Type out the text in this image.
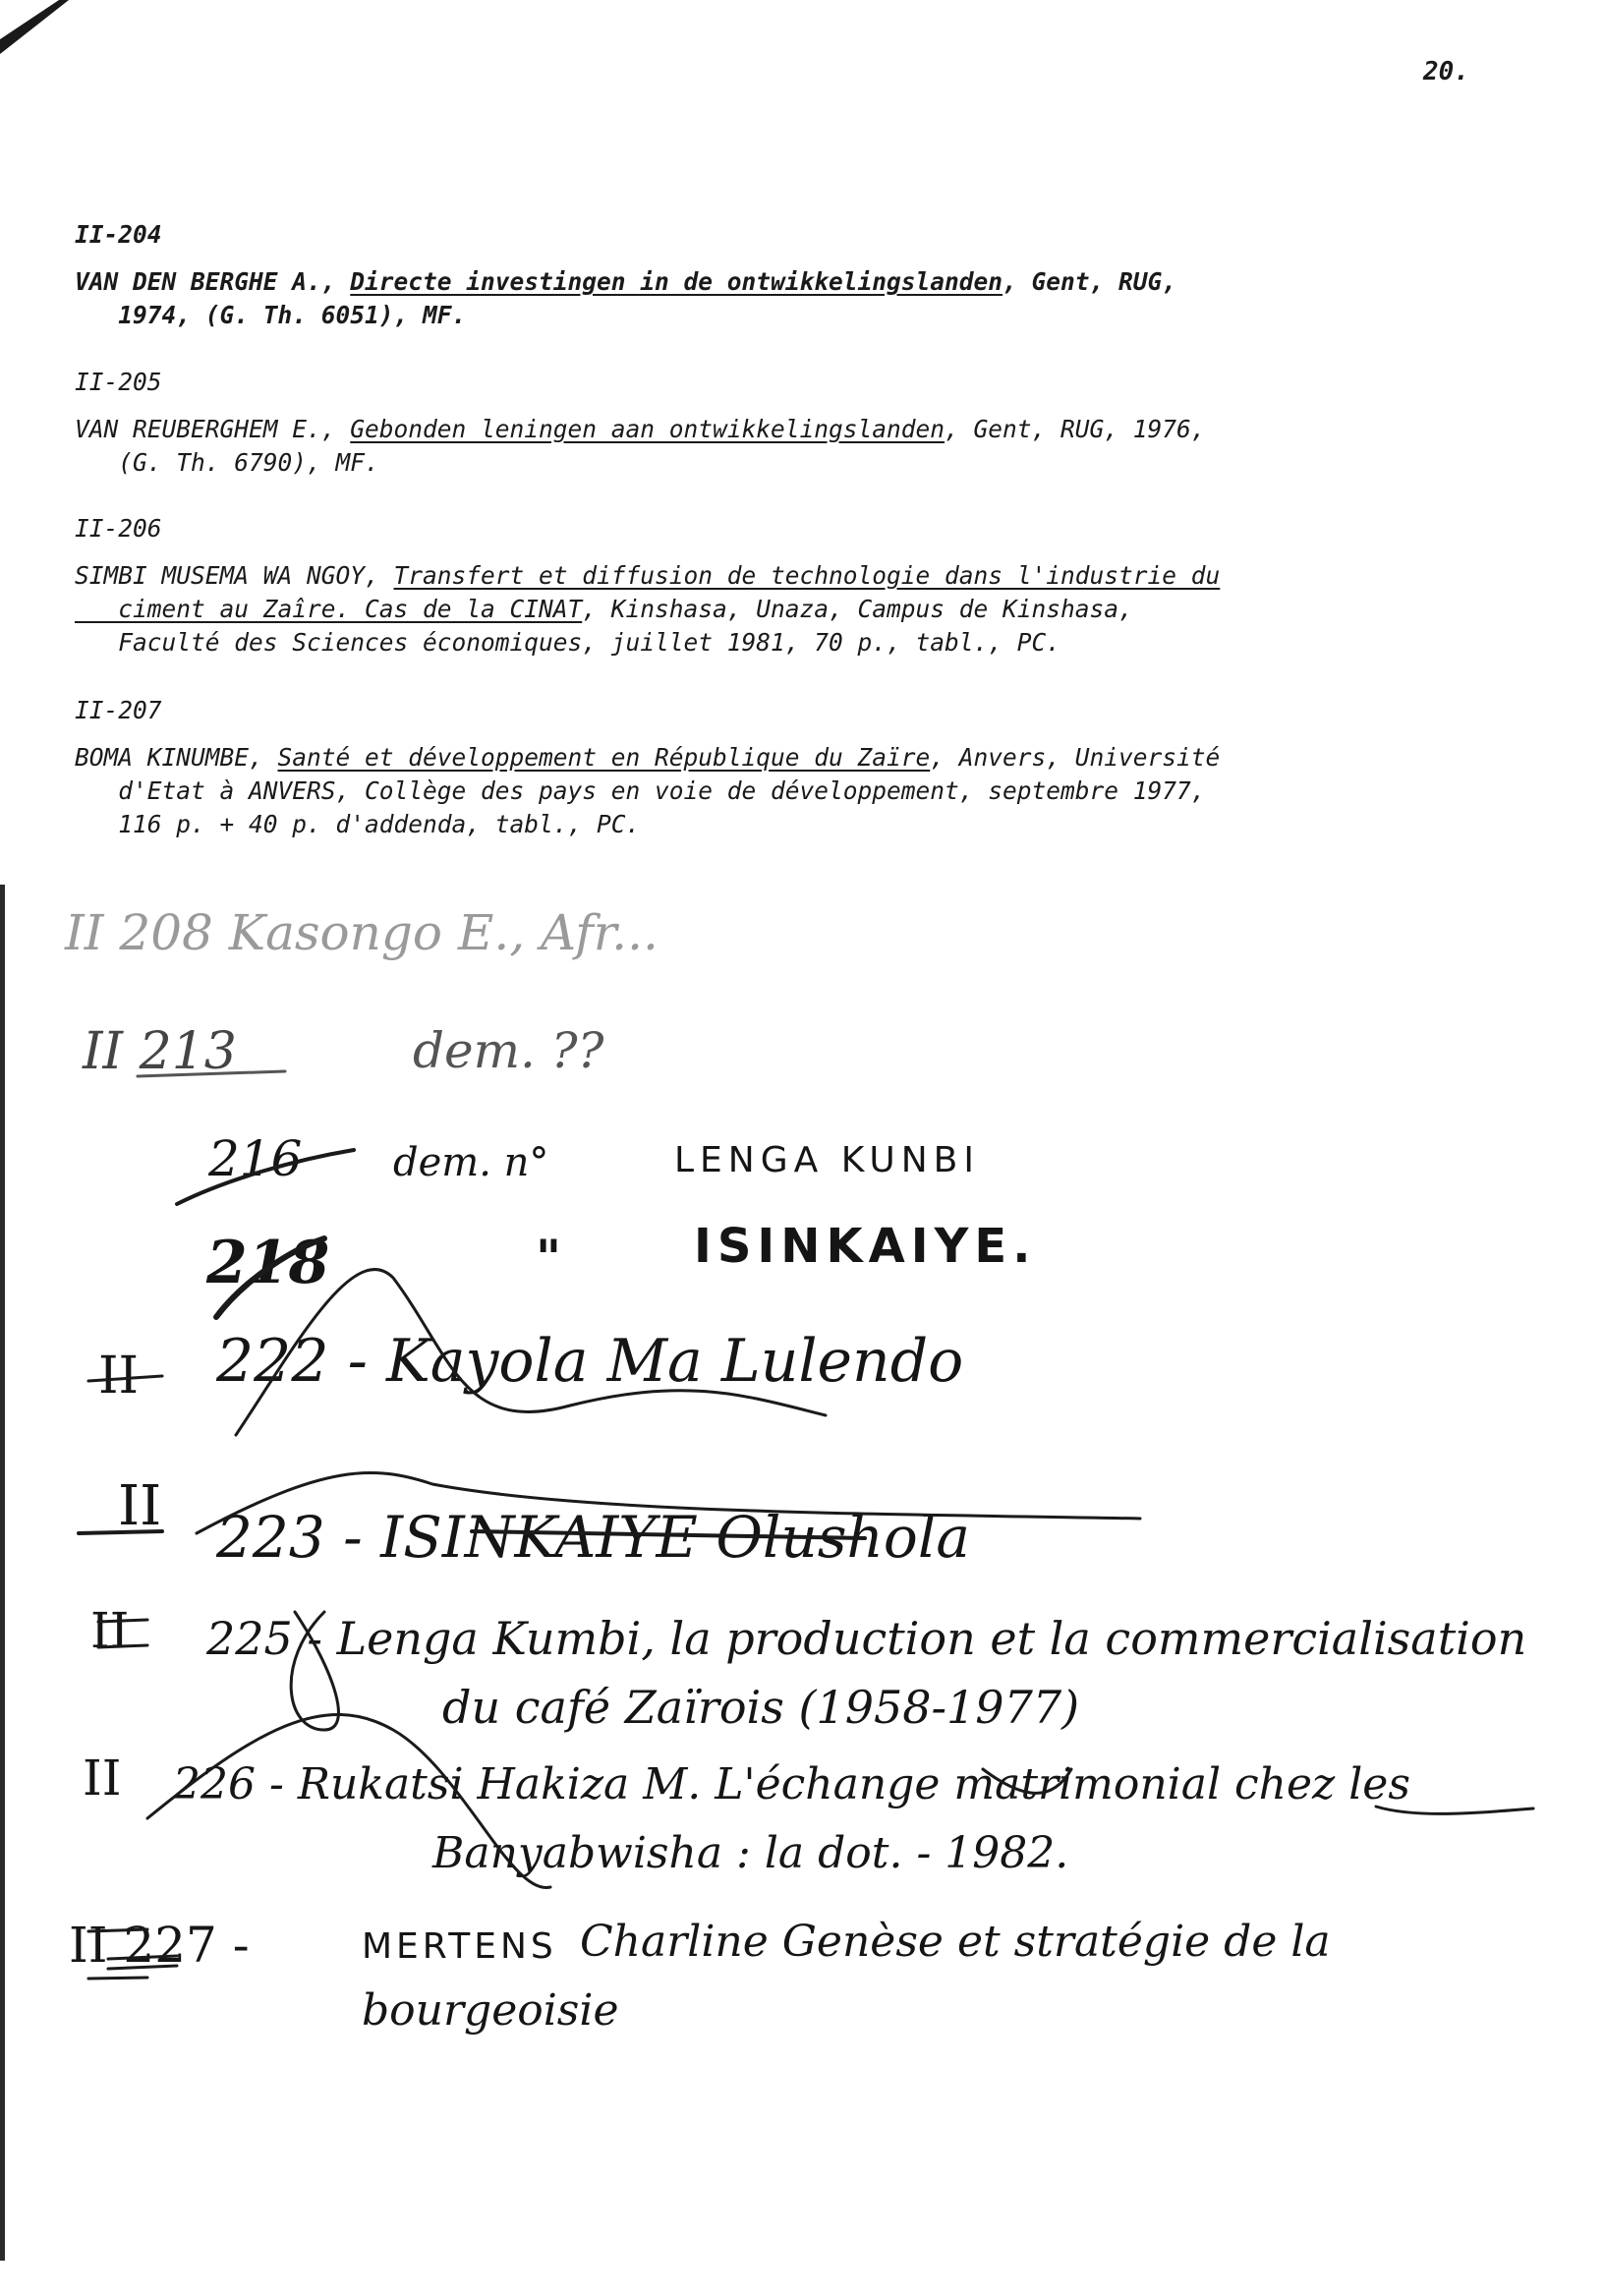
20.
II-204
VAN DEN BERGHE A., Directe investingen in de ontwikkelingslanden, Gent, RUG,
1974, (G. Th. 6051), MF.
II-205
VAN REUBERGHEM E., Gebonden leningen aan ontwikkelingslanden, Gent, RUG, 1976,
(G. Th. 6790), MF.
II-206
SIMBI MUSEMA WA NGOY, Transfert et diffusion de technologie dans l'industrie du
ciment au Zaîre. Cas de la CINAT, Kinshasa, Unaza, Campus de Kinshasa,
Faculté des Sciences économiques, juillet 1981, 70 p., tabl., PC.
II-207
BOMA KINUMBE, Santé et développement en République du Zaïre, Anvers, Université
d'Etat à ANVERS, Collège des pays en voie de développement, septembre 1977,
116 p. + 40 p. d'addenda, tabl., PC.
II 208 Kasongo E., Afr...
II 213	dem. ??
216 dem. n°	LENGA KUNBI
218	"	ISINKAIYE.
II 222 - Kayola Ma Lulendo
II 223 - ISINKAIYE Olushola
II 225 - Lenga Kumbi, la production et la commercialisation
du café Zaïrois (1958-1977)
II 226 - Rukatsi Hakiza M. L'échange matrimonial chez les
Banyabwisha : la dot. - 1982.
II 227 -	MERTENS Charline Genèse et stratégie de la
bourgeoisie
